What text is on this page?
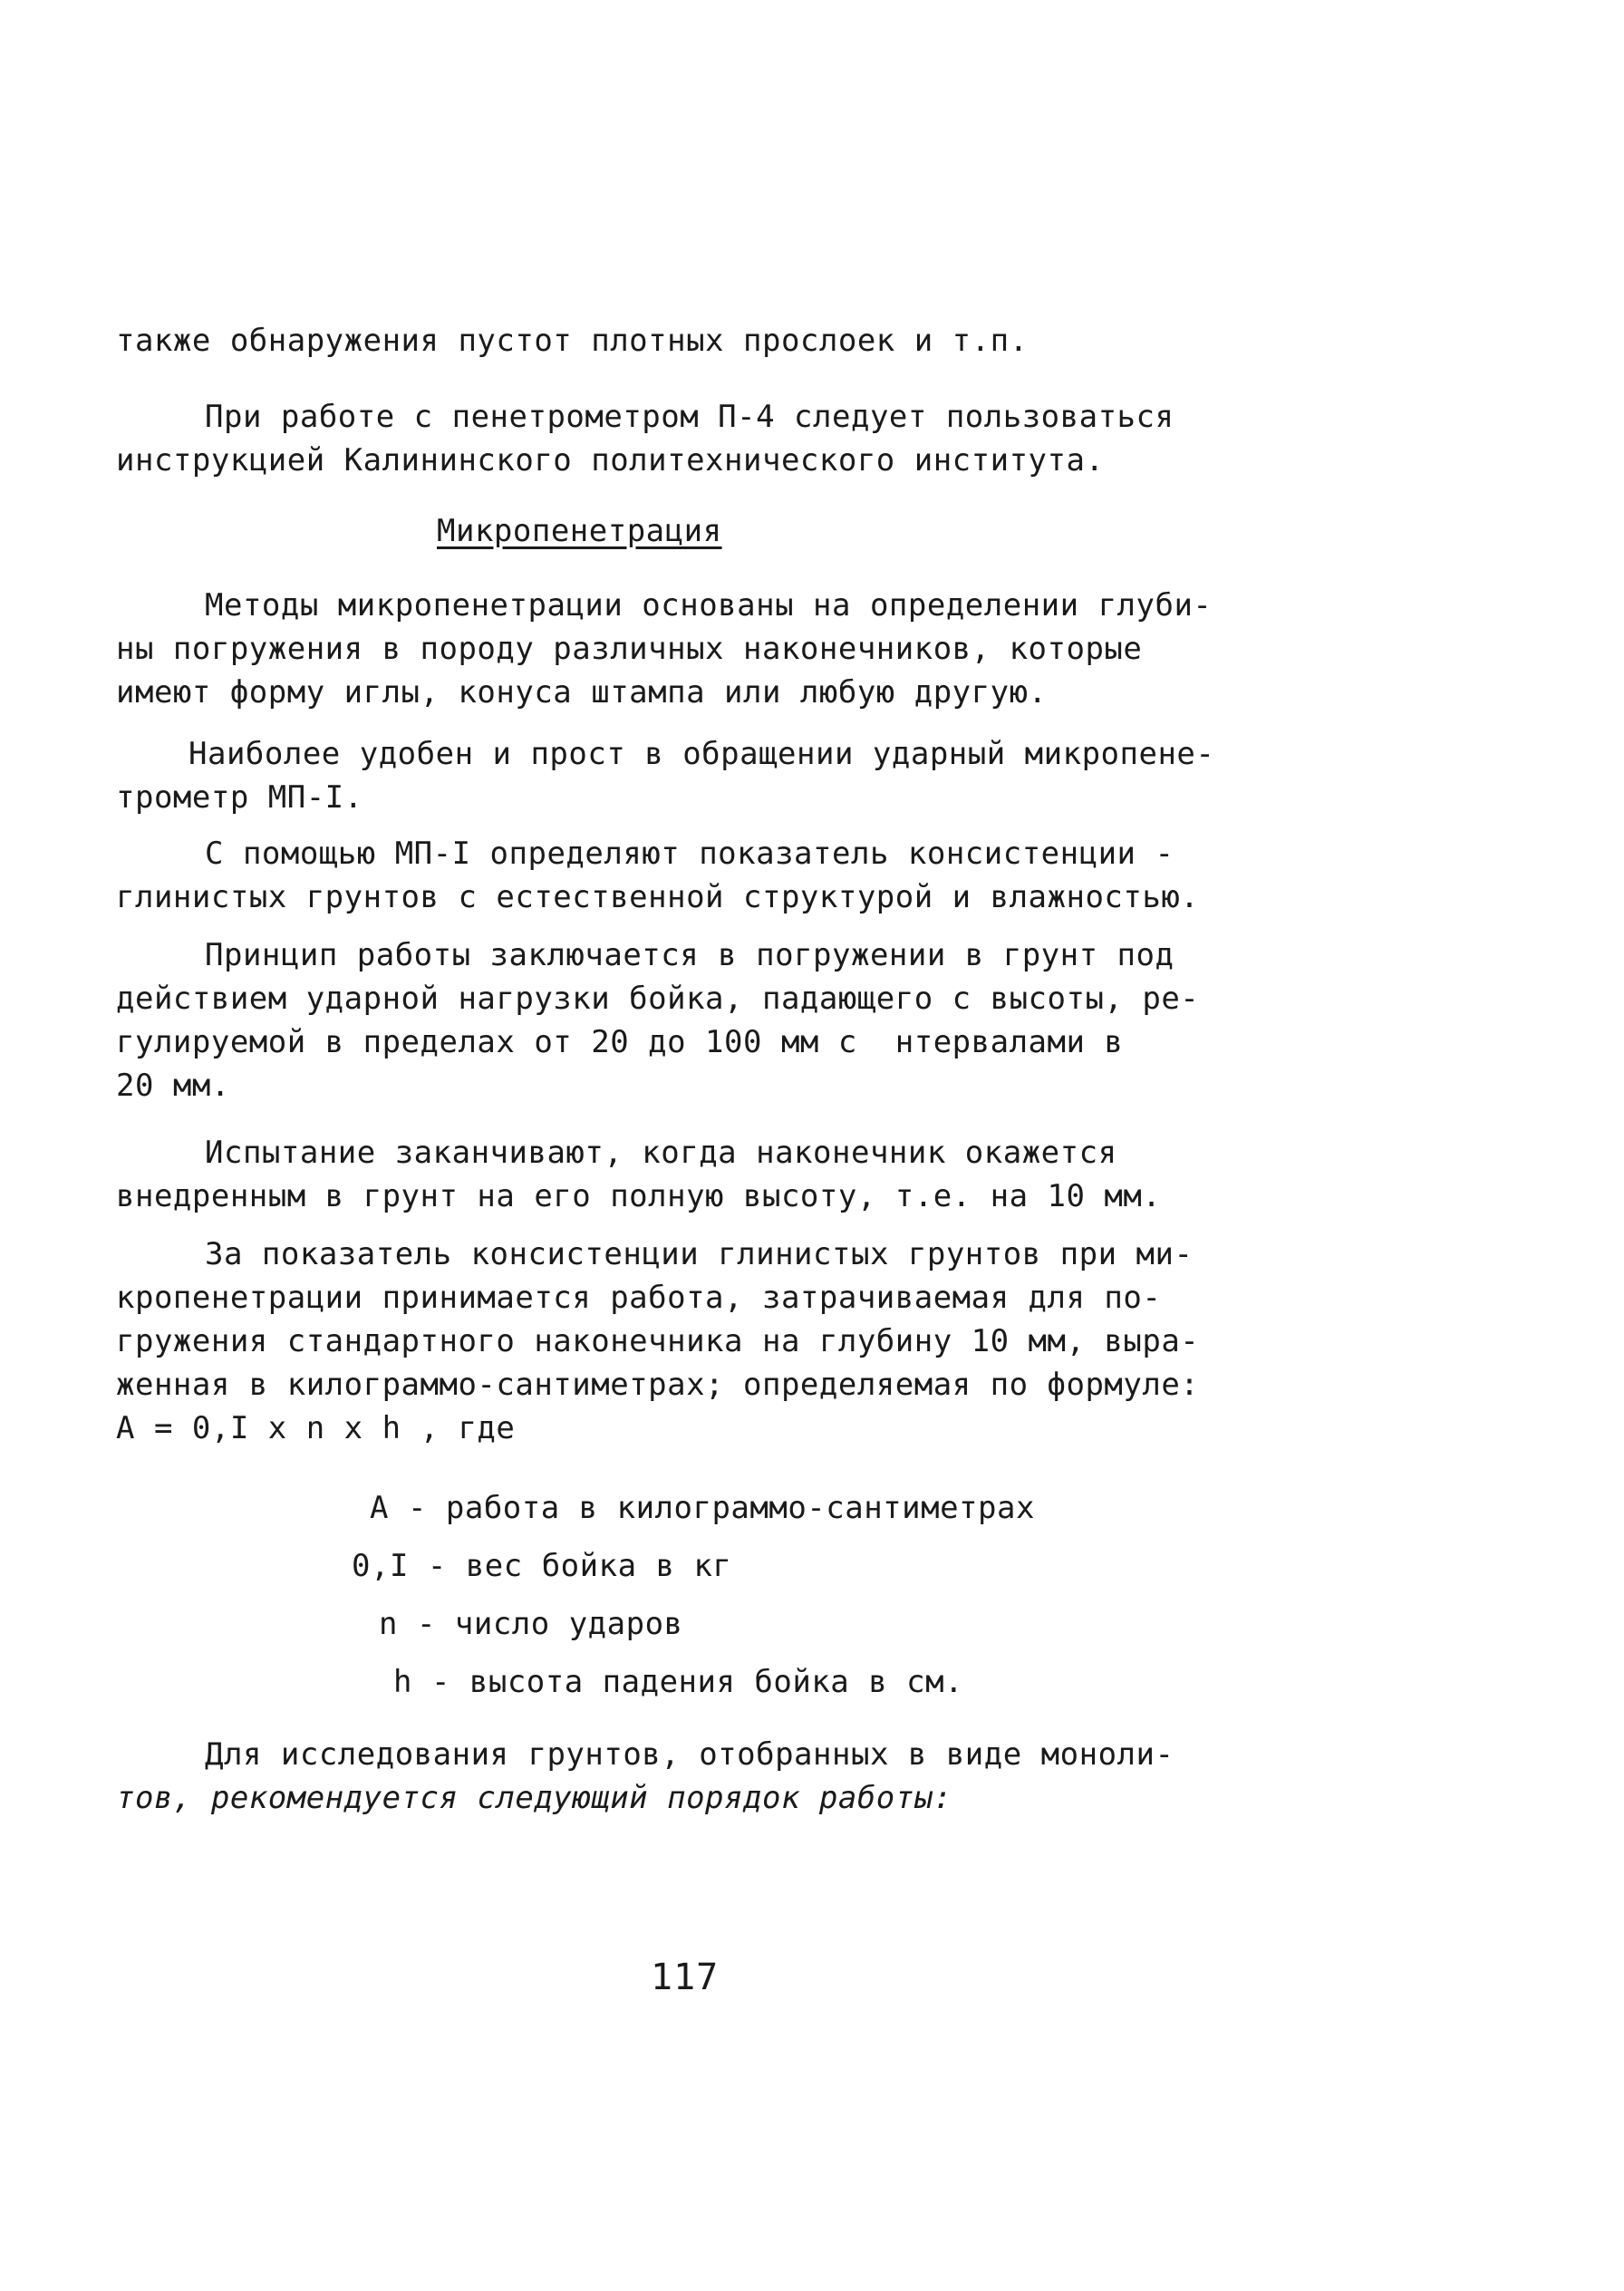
также обнаружения пустот плотных прослоек и т.п.
При работе с пенетрометром П-4 следует пользоваться
инструкцией Калининского политехнического института.
Микропенетрация
Методы микропенетрации основаны на определении глуби-
ны погружения в породу различных наконечников, которые
имеют форму иглы, конуса штампа или любую другую.
Наиболее удобен и прост в обращении ударный микропене-
трометр МП-I.
С помощью МП-I определяют показатель консистенции -
глинистых грунтов с естественной структурой и влажностью.
Принцип работы заключается в погружении в грунт под
действием ударной нагрузки бойка, падающего с высоты, ре-
гулируемой в пределах от 20 до 100 мм с  нтервалами в
20 мм.
Испытание заканчивают, когда наконечник окажется
внедренным в грунт на его полную высоту, т.е. на 10 мм.
За показатель консистенции глинистых грунтов при ми-
кропенетрации принимается работа, затрачиваемая для по-
гружения стандартного наконечника на глубину 10 мм, выра-
женная в килограммо-сантиметрах; определяемая по формуле:
А = 0,I х n х h , где
А - работа в килограммо-сантиметрах
0,I - вес бойка в кг
n - число ударов
h - высота падения бойка в см.
Для исследования грунтов, отобранных в виде моноли-
тов, рекомендуется следующий порядок работы:
117
